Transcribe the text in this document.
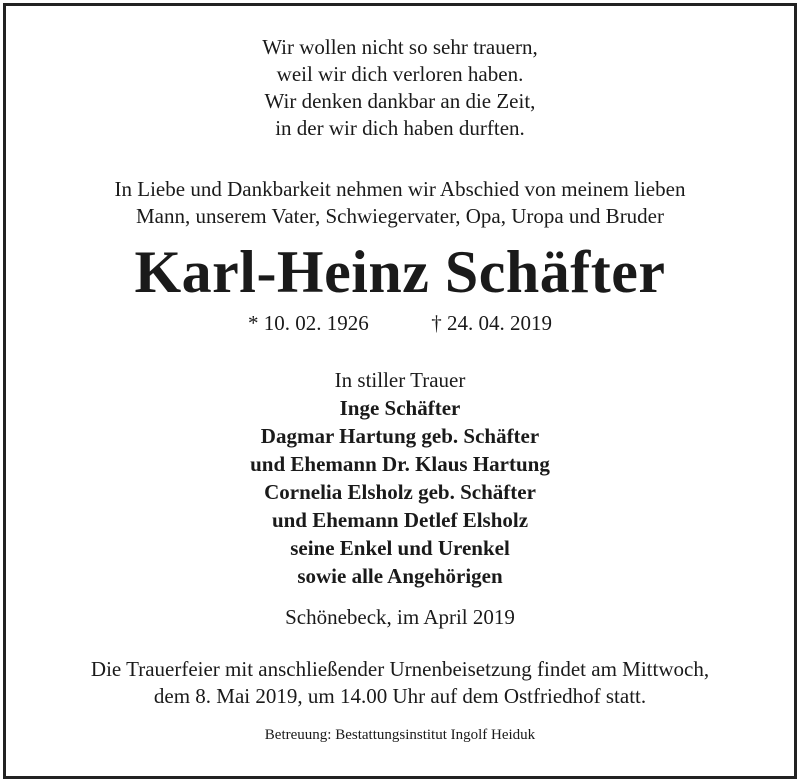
Wir wollen nicht so sehr trauern,
weil wir dich verloren haben.
Wir denken dankbar an die Zeit,
in der wir dich haben durften.
In Liebe und Dankbarkeit nehmen wir Abschied von meinem lieben
Mann, unserem Vater, Schwiegervater, Opa, Uropa und Bruder
Karl-Heinz Schäfter
* 10. 02. 1926	† 24. 04. 2019
In stiller Trauer
Inge Schäfter
Dagmar Hartung geb. Schäfter
und Ehemann Dr. Klaus Hartung
Cornelia Elsholz geb. Schäfter
und Ehemann Detlef Elsholz
seine Enkel und Urenkel
sowie alle Angehörigen
Schönebeck, im April 2019
Die Trauerfeier mit anschließender Urnenbeisetzung findet am Mittwoch,
dem 8. Mai 2019, um 14.00 Uhr auf dem Ostfriedhof statt.
Betreuung: Bestattungsinstitut Ingolf Heiduk
